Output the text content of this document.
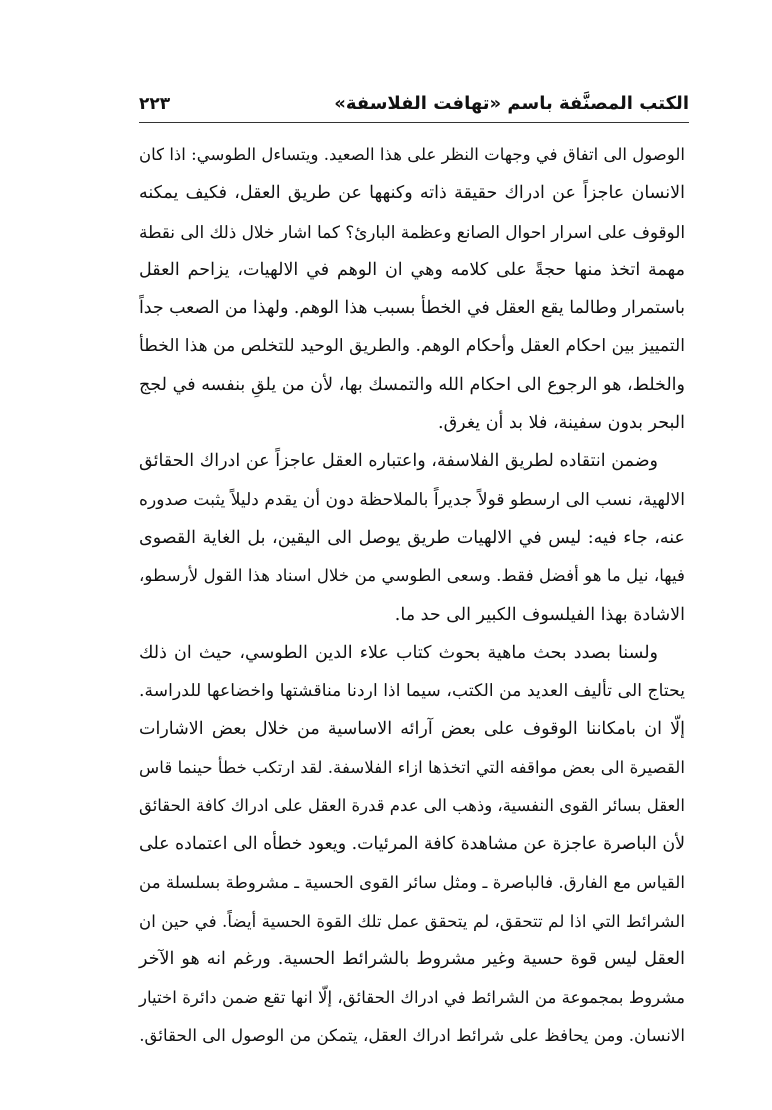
الكتب المصنَّفة باسم «تهافت الفلاسفة»
٢٢٣

الوصول الى اتفاق في وجهات النظر على هذا الصعيد. ويتساءل الطوسي: اذا كان
الانسان عاجزاً عن ادراك حقيقة ذاته وكنهها عن طريق العقل، فكيف يمكنه
الوقوف على اسرار احوال الصانع وعظمة البارئ؟ كما اشار خلال ذلك الى نقطة
مهمة اتخذ منها حجةً على كلامه وهي ان الوهم في الالهيات، يزاحم العقل
باستمرار وطالما يقع العقل في الخطأ بسبب هذا الوهم. ولهذا من الصعب جداً
التمييز بين احكام العقل وأحكام الوهم. والطريق الوحيد للتخلص من هذا الخطأ
والخلط، هو الرجوع الى احكام الله والتمسك بها، لأن من يلقِ بنفسه في لجج
البحر بدون سفينة، فلا بد أن يغرق.

وضمن انتقاده لطريق الفلاسفة، واعتباره العقل عاجزاً عن ادراك الحقائق
الالهية، نسب الى ارسطو قولاً جديراً بالملاحظة دون أن يقدم دليلاً يثبت صدوره
عنه، جاء فيه: ليس في الالهيات طريق يوصل الى اليقين، بل الغاية القصوى
فيها، نيل ما هو أفضل فقط. وسعى الطوسي من خلال اسناد هذا القول لأرسطو،
الاشادة بهذا الفيلسوف الكبير الى حد ما.

ولسنا بصدد بحث ماهية بحوث كتاب علاء الدين الطوسي، حيث ان ذلك
يحتاج الى تأليف العديد من الكتب، سيما اذا اردنا مناقشتها واخضاعها للدراسة.
إلّا ان بامكاننا الوقوف على بعض آرائه الاساسية من خلال بعض الاشارات
القصيرة الى بعض مواقفه التي اتخذها ازاء الفلاسفة. لقد ارتكب خطأ حينما قاس
العقل بسائر القوى النفسية، وذهب الى عدم قدرة العقل على ادراك كافة الحقائق
لأن الباصرة عاجزة عن مشاهدة كافة المرئيات. ويعود خطأه الى اعتماده على
القياس مع الفارق. فالباصرة ـ ومثل سائر القوى الحسية ـ مشروطة بسلسلة من
الشرائط التي اذا لم تتحقق، لم يتحقق عمل تلك القوة الحسية أيضاً. في حين ان
العقل ليس قوة حسية وغير مشروط بالشرائط الحسية. ورغم انه هو الآخر
مشروط بمجموعة من الشرائط في ادراك الحقائق، إلّا انها تقع ضمن دائرة اختيار
الانسان. ومن يحافظ على شرائط ادراك العقل، يتمكن من الوصول الى الحقائق.
